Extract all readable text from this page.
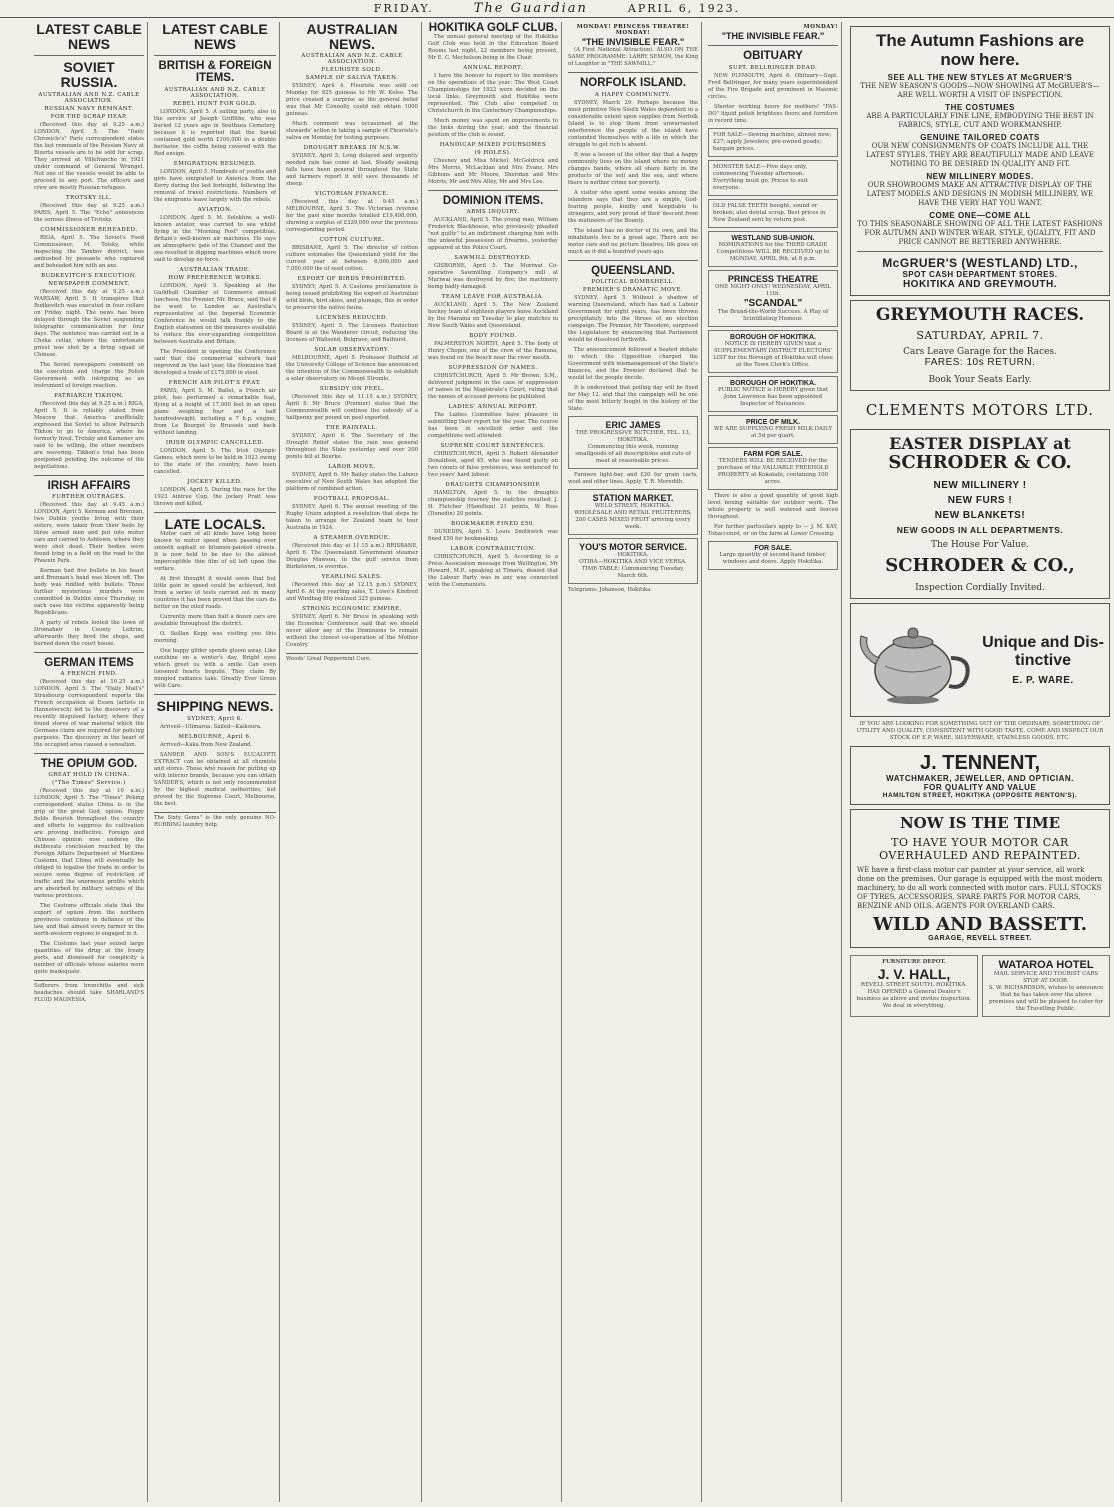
FRIDAY.	The Guardian	APRIL 6, 1923.
LATEST CABLE NEWS
SOVIET RUSSIA.
AUSTRALIAN AND N.Z. CABLE ASSOCIATION.
RUSSIAN NAVY REMNANT.
FOR THE SCRAP HEAP.

(Received this day at 9.25 a.m.) LONDON, April 5. The "Daily Chronicle's" Paris correspondent states the last remnants of the Russian Navy at Bizerta vessels are to be sold for scrap. They arrived at Villefranche in 1921 under command of General Wrangel. Not one of the vessels would be able to proceed to any port. The officers and crew are mostly Russian refugees.

TROTSKY ILL.

(Received this day at 9.25 a.m.) PARIS, April 5. The "Echo" announces the serious illness of Trotsky.

COMMISSIONER BEHEADED.

RIGA, April 5. The Soviet's Food Commissioner, M. Tolsky, while inspecting the Tambov district, was ambushed by peasants who captured and beheaded him with an axe.

BUDKEVITCH'S EXECUTION.
NEWSPAPER COMMENT.

(Received this day at 9.25 a.m.) WARSAW, April 5. It transpires that Budkevitch was executed in four cellars on Friday night. The news has been delayed through the Soviet suspending telegraphic communication for four days. The sentence was carried out in a Cheka cellar, where the unfortunate priest was shot by a firing squad of Chinese.

The Soviet newspapers comment on the execution and charge the Polish Government with intriguing as an instrument of foreign reaction.

PATRIARCH TIKHON.

(Received this day at 9.25 a.m.) RIGA, April 5. It is reliably stated from Moscow that America unofficially expressed the Soviet to allow Patriarch Tikhon to go to America, where he formerly lived. Trotsky and Kamenev are said to be willing, the other members are wavering. Tikhon's trial has been postponed pending the outcome of the negotiations.

IRISH AFFAIRS
FURTHER OUTRAGES.

(Received this day at 9.45 a.m.) LONDON, April 5. Kerman and Brennan, two Dublin youths living with their sisters, were taken from their beds by three armed men and put into motor cars and carried to Ashtown, where they were shot dead. Their bodies were found lying in a field on the road to the Phoenix Park.

Kerman had five bullets in his heart and Brennan's head was blown off. The body was riddled with bullets. Three further mysterious murders were committed in Dublin since Thursday, in each case the victims apparently being Republicans.

A party of rebels looted the town of Dromahair in County Leitrim, afterwards they fired the shops, and burned down the court house.

GERMAN ITEMS
A FRENCH FIND.

(Received this day at 10.25 a.m.) LONDON, April 5. The "Daily Mail's" Strasbourg correspondent reports the French occupation at Essen (artists in Hannoversch) led to the discovery of a recently disguised factory, where they found stores of war material which the Germans claim are required for policing purposes. The discovery in the heart of the occupied area caused a sensation.

THE OPIUM GOD.
GREAT HOLD IN CHINA.
("The Times" Service.)

(Received this day at 10 a.m.) LONDON, April 5. The "Times" Peking correspondent states China is in the grip of the great God, opium. Poppy fields flourish throughout the country and efforts to suppress its cultivation are proving ineffective. Foreign and Chinese opinion now endorse the deliberate conclusion reached by the Foreign Affairs Department of Maritime Customs, that China will eventually be obliged to legalise the trade in order to secure some degree of restriction of traffic and the enormous profits which are absorbed by military satraps of the various provinces.

The Customs officials state that the export of opium from the northern provinces continues in defiance of the law, and that almost every farmer in the north-western regions is engaged in it.

The Customs last year seized large quantities of the drug at the treaty ports, and dismissed for complicity a number of officials whose salaries were quite inadequate.

Sufferers from bronchitis and sick headaches should take SHARLAND'S FLUID MAGNESIA.
LATEST CABLE NEWS
BRITISH & FOREIGN ITEMS.
AUSTRALIAN AND N.Z. CABLE ASSOCIATION.
REBEL HUNT FOR GOLD.

LONDON, April 5. A sailing party, also in the service of Joseph Griffiths, who was buried 12 years ago in Southsea Cemetery, because it is reported that the burial contained gold worth £100,000 in a double herlaster, the coffin being covered with the Red ensign.

EMIGRATION RESUMED.

LONDON, April 5. Hundreds of youths and girls have emigrated to America from the Kerry during the last fortnight, following the removal of travel restrictions. Numbers of the emigrants leave largely with the rebels.

AVIATION.

LONDON, April 5. M. Selekhiw, a well-known aviator, was carried to sea whilst flying in the "Morning Post" competition. Britain's well-known air machines. He says an atmospheric gale of the Channel and the sea resulted in dipping machines which were said to develop no force.

AUSTRALIAN TRADE.
HOW PREFERENCE WORKS.

LONDON, April 5. Speaking at the Guildhall Chamber of Commerce annual luncheon, the Premier, Mr. Bruce, said that if he went to London as Australia's representative at the Imperial Economic Conference he would talk frankly to the English statesmen on the measures available to reduce the ever-expanding competition between Australia and Britain.

The President in opening the Conference said that the commercial network had improved in the last year, the Dominion had developed a trade of £175,000 in steel.

FRENCH AIR PILOT'S FEAT.

PARIS, April 5. M. Ballet, a French air pilot, has performed a remarkable feat, flying at a height of 17,000 feet in an open plane weighing four and a half hundredweight, including a 7 h.p. engine, from Le Bourget to Brussels and back without landing.

IRISH OLYMPIC CANCELLED.

LONDON, April 5. The Irish Olympic Games, which were to be held in 1923 owing to the state of the country, have been cancelled.

JOCKEY KILLED.

LONDON, April 5. During the race for the 1923 Aintree Cup, the jockey Pratt was thrown and killed.

LATE LOCALS.

Motor cars of all kinds have long been known to motor speed when passing over smooth asphalt or bitumen-painted streets. It is now held to be due to the almost imperceptible thin film of oil left upon the surface.

At first thought it would seem that but little gain in speed could be achieved, but from a series of tests carried out in many countries it has been proved that the cars do better on the oiled roads.

Currently more than half a dozen cars are available throughout the district.

O. Seillan Kopp was visiting you this morning.

One happy gilder spends gloom away. Like sunshine on a winter's day. Bright eyes which greet us with a smile. Can even loosened hearts beguile. They claim By mingled radiance take. Greatly Ever Green with Care.

SHIPPING NEWS.
SYDNEY, April 6.

Arrived—Ulimaroa. Sailed—Kaikoura.

MELBOURNE, April 6.

Arrived—Kaka from New Zealand.

SANDER AND SON'S EUCALYPTI EXTRACT can be obtained at all chemists and stores. Those who reason for putting up with inferior brands, because you can obtain SANDER'S, which is not only recommended by the highest medical authorities, but proved by the Supreme Court, Melbourne, the best.

The Sixty Gems" is the only genuine NO-RUBBING laundry help.
AUSTRALIAN NEWS.
AUSTRALIAN AND N.Z. CABLE ASSOCIATION.
FLEURISTE SOLD.
SAMPLE OF SALIVA TAKEN.

SYDNEY, April 4. Fleuriste was sold on Monday for 925 guineas to Mr W. Kelso. The price created a surprise as the general belief was that Mr Connolly could not obtain 1000 guineas.

Much comment was occasioned at the stewards' action in taking a sample of Fleuriste's saliva on Monday for testing purposes.

DROUGHT BREAKS IN N.S.W.

SYDNEY, April 5. Long delayed and urgently needed rain has come at last. Steady soaking falls have been general throughout the State and farmers report it will save thousands of sheep.

VICTORIAN FINANCE.

(Received this day at 9.45 a.m.) MELBOURNE, April 5. The Victorian revenue for the past nine months totalled £19,498,000, showing a surplus of £329,000 over the previous corresponding period.

COTTON CULTURE.

BRISBANE, April 5. The director of cotton culture estimates the Queensland yield for the current year at between 6,000,000 and 7,000,000 lbs of seed cotton.

EXPORT OF BIRDS PROHIBITED.

SYDNEY, April 5. A Customs proclamation is being issued prohibiting the export of Australian wild birds, bird skins, and plumage, this in order to preserve the native fauna.

LICENSES REDUCED.

SYDNEY, April 5. The Licenses Reduction Board is at the Wanderer circuit, reducing the licenses of Wallsend, Belgrave, and Bathurst.

SOLAR OBSERVATORY.

MELBOURNE, April 5. Professor Duffield of the University College of Science has announced the intention of the Commonwealth to establish a solar observatory on Mount Stromlo.

SUBSIDY ON PEEL.

(Received this day at 11.15 a.m.) SYDNEY, April 6. Mr Bruce (Premier) states that the Commonwealth will continue the subsidy of a halfpenny per pound on peel exported.

THE RAINFALL.

SYDNEY, April 6. The Secretary of the Drought Relief states the rain was general throughout the State yesterday and over 200 points fell at Bourke.

LABOR MOVE.

SYDNEY, April 6. Mr Bailey states the Labour executive of New South Wales has adopted the platform of combined action.

FOOTBALL PROPOSAL.

SYDNEY, April 6. The annual meeting of the Rugby Union adopted a resolution that steps be taken to arrange for Zealand team to tour Australia in 1924.

A STEAMER OVERDUE.

(Received this day at 11.15 a.m.) BRISBANE, April 6. The Queensland Government steamer Douglas Mawson, in the gulf service from Burketown, is overdue.

YEARLING SALES.

(Received this day at 12.15 p.m.) SYDNEY, April 6. At the yearling sales, T. Lowe's Kindred and Windbag filly realised 325 guineas.

STRONG ECONOMIC EMPIRE.

SYDNEY, April 6. Mr Bruce in speaking with the Economic Conference said that we should never allow any of the Dominions to remain without the closest co-operation of the Mother Country.

Woods' Great Peppermint Cure.
HOKITIKA GOLF CLUB.

The annual general meeting of the Hokitika Golf Club was held in the Education Board Rooms last night, 22 members being present, Mr E. C. Mechelson being in the Chair.

ANNUAL REPORT.

I have the honour to report to the members on the operations of the year: The West Coast Championships for 1922 were decided on the local links. Greymouth and Hokitika were represented. The Club also competed in Christchurch in the Canterbury Championships.

Much money was spent on improvements to the links during the year, and the financial position of the club is sound.

HANDICAP MIXED FOURSOMES
(9 HOLES).

Chesney and Miss Mickel, McGoldrick and Mrs Morris, McLachlan and Mrs Evans, Mrs Gibbons and Mr Moore, Sheridan and Mrs Morris, Mr and Mrs Alley, Mr and Mrs Lee.

DOMINION ITEMS.
ARMS INQUIRY.

AUCKLAND, April 5. The young man, William Frederick Blackhouse, who previously pleaded "not guilty" to an indictment charging him with the unlawful possession of firearms, yesterday appeared at the Police Court.

SAWMILL DESTROYED.

GISBORNE, April 5. The Muriwai Co-operative Sawmilling Company's mill at Muriwai was destroyed by fire; the machinery being badly damaged.

TEAM LEAVE FOR AUSTRALIA.

AUCKLAND, April 5. The New Zealand hockey team of eighteen players leave Auckland by the Marama on Tuesday to play matches in New South Wales and Queensland.

BODY FOUND.

PALMERSTON NORTH, April 5. The body of Henry Chopin, one of the crew of the Ramona, was found on the beach near the river mouth.

SUPPRESSION OF NAMES.

CHRISTCHURCH, April 5. Mr Brown, S.M., delivered judgment in the case of suppression of names in the Magistrate's Court, ruling that the names of accused persons be published.

LADIES' ANNUAL REPORT.

The Ladies Committee have pleasure in submitting their report for the year. The course has been in excellent order and the competitions well attended.

SUPREME COURT SENTENCES.

CHRISTCHURCH, April 5. Robert Alexander Donaldson, aged 45, who was found guilty on two counts of false pretences, was sentenced to two years' hard labour.

DRAUGHTS CHAMPIONSHIP.

HAMILTON, April 5. In the draughts championship tourney the matches resulted: J. H. Fletcher (Hamilton) 21 points, W. Ross (Dunedin) 20 points.

BOOKMAKER FINED £50.

DUNEDIN, April 5. Louis Smithwick was fined £50 for bookmaking.

LABOR CONTRADICTION.

CHRISTCHURCH, April 5. According to a Press Association message from Wellington, Mr Howard, M.P., speaking at Timaru, denied that the Labour Party was in any way connected with the Communists.

MONDAY! PRINCESS THEATRE! MONDAY!
"THE INVISIBLE FEAR."

(A First National Attraction). ALSO ON THE SAME PROGRAMME: LARRY SEMON, the King of Laughter in "THE SAWMILL."

NORFOLK ISLAND.
A HAPPY COMMUNITY.

SYDNEY, March 29. Perhaps because the most primitive New South Wales dependent in a considerable extent upon supplies from Norfolk Island is to stop them from unwarranted interference the people of the island have contended themselves with a life in which the struggle to get rich is absent.

It was a lesson of the other day that a happy community lives on the island where no money changes hands, where all share fairly in the products of the soil and the sea, and where there is neither crime nor poverty.

A visitor who spent some weeks among the islanders says that they are a simple, God-fearing people, kindly and hospitable to strangers, and very proud of their descent from the mutineers of the Bounty.

The island has no doctor of its own, and the inhabitants live to a great age. There are no motor cars and no picture theatres; life goes on much as it did a hundred years ago.

QUEENSLAND.
POLITICAL BOMBSHELL.
PREMIER'S DRAMATIC MOVE.

SYDNEY, April 5. Without a shadow of warning Queensland, which has had a Labour Government for eight years, has been thrown precipitately into the throes of an election campaign. The Premier, Mr Theodore, surprised the Legislature by announcing that Parliament would be dissolved forthwith.

The announcement followed a heated debate in which the Opposition charged the Government with mismanagement of the State's finances, and the Premier declared that he would let the people decide.

It is understood that polling day will be fixed for May 12, and that the campaign will be one of the most bitterly fought in the history of the State.

ERIC JAMES
THE PROGRESSIVE BUTCHER, TEL. 13, HOKITIKA.
Commencing this week, running smallgoods of all descriptions and cuts of meat at reasonable prices.

Farmers light-bay and £20 for grain carts, wool and other lines. Apply, T. R. Meredith.

STATION MARKET.
WELD STREET, HOKITIKA.
WHOLESALE AND RETAIL FRUITERERS. 200 CASES MIXED FRUIT arriving every week.
YOU'S MOTOR SERVICE.
HOKITIKA.
OTIRA—HOKITIKA AND VICE VERSA. TIME-TABLE: Commencing Tuesday, March 6th.
Telegrams: Johanson, Hokitika.
MONDAY!
"THE INVISIBLE FEAR."
OBITUARY
SUPT. BELLRINGER DEAD.

NEW PLYMOUTH, April 6. Obituary—Supt. Fred Bellringer, for many years superintendent of the Fire Brigade and prominent in Masonic circles.

Shorter working hours for mothers! "FAS-DO" liquid polish brightens floors and furniture in record time.

FOR SALE—Sewing machine, almost new; £27; apply Jewelers; pre-owned goods; bargain prices.
MONSTER SALE—Five days only, commencing Tuesday afternoon. Everything must go. Prices to suit everyone.
OLD FALSE TEETH bought, sound or broken; also dental scrap. Best prices in New Zealand sent by return post.
WESTLAND SUB-UNION.
NOMINATIONS for the THIRD GRADE Competitions WILL BE RECEIVED up to MONDAY, APRIL 9th, at 8 p.m.
PRINCESS THEATRE
ONE NIGHT ONLY! WEDNESDAY, APRIL 11th.
"SCANDAL"
The Brand-the-World Success. A Play of Scintillating Humour.
BOROUGH OF HOKITIKA.
NOTICE IS HEREBY GIVEN that a SUPPLEMENTARY DISTRICT ELECTORS' LIST for the Borough of Hokitika will close at the Town Clerk's Office.
BOROUGH OF HOKITIKA.
PUBLIC NOTICE is HEREBY given that John Lawrence has been appointed Inspector of Nuisances.
PRICE OF MILK.
WE ARE SUPPLYING FRESH MILK DAILY at 5d per quart.
FARM FOR SALE.
TENDERS WILL BE RECEIVED for the purchase of the VALUABLE FREEHOLD PROPERTY at Kokatahi, containing 100 acres.

There is also a good quantity of good high level boxing suitable for outdoor work. The whole property is well watered and fenced throughout.

For further particulars apply to — J. M. KAY, Tobacconist, or on the farm at Lower Crossing.

FOR SALE.
Large quantity of second-hand timber, windows and doors. Apply Hokitika.
The Autumn Fashions are
now here.
SEE ALL THE NEW STYLES AT McGRUER'S
THE NEW SEASON'S GOODS—NOW SHOWING AT McGRUER'S—ARE WELL WORTH A VISIT OF INSPECTION.
THE COSTUMES
ARE A PARTICULARLY FINE LINE, EMBODYING THE BEST IN FABRICS, STYLE, CUT AND WORKMANSHIP.
GENUINE TAILORED COATS
OUR NEW CONSIGNMENTS OF COATS INCLUDE ALL THE LATEST STYLES. THEY ARE BEAUTIFULLY MADE AND LEAVE NOTHING TO BE DESIRED IN QUALITY AND FIT.
NEW MILLINERY MODES.
OUR SHOWROOMS MAKE AN ATTRACTIVE DISPLAY OF THE LATEST MODELS AND DESIGNS IN MODISH MILLINERY. WE HAVE THE VERY HAT YOU WANT.
COME ONE—COME ALL
TO THIS SEASONABLE SHOWING OF ALL THE LATEST FASHIONS FOR AUTUMN AND WINTER WEAR. STYLE, QUALITY, FIT AND PRICE CANNOT BE BETTERED ANYWHERE.
McGRUER'S (WESTLAND) LTD.,
SPOT CASH DEPARTMENT STORES.
HOKITIKA AND GREYMOUTH.
GREYMOUTH RACES.
SATURDAY, APRIL 7.
Cars Leave Garage for the Races.
FARES: 10s RETURN.
Book Your Seats Early.
CLEMENTS MOTORS LTD.
EASTER DISPLAY at
SCHRODER & CO.
NEW MILLINERY !
NEW FURS !
NEW BLANKETS!
NEW GOODS IN ALL DEPARTMENTS.
The House For Value.
SCHRODER & CO.,
Inspection Cordially Invited.
Unique and Dis-
tinctive
E. P. WARE.

IF YOU ARE LOOKING FOR SOMETHING OUT OF THE ORDINARY, SOMETHING OF UTILITY AND QUALITY, CONSISTENT WITH GOOD TASTE, COME AND INSPECT OUR STOCK OF E.P. WARE, SILVERWARE, STAINLESS GOODS, ETC.

J. TENNENT,
WATCHMAKER, JEWELLER, AND OPTICIAN.
FOR QUALITY AND VALUE
HAMILTON STREET, HOKITIKA (OPPOSITE RENTON'S).
NOW IS THE TIME
TO HAVE YOUR MOTOR CAR
OVERHAULED AND REPAINTED.
WE have a first-class motor car painter at your service, all work done on the premises. Our garage is equipped with the most modern machinery, to do all work connected with motor cars. FULL STOCKS OF TYRES, ACCESSORIES, SPARE PARTS FOR MOTOR CARS, BENZINE AND OILS. AGENTS FOR OVERLAND CARS.
WILD AND BASSETT.
GARAGE, REVELL STREET.
FURNITURE DEPOT.
J. V. HALL,
REVELL STREET SOUTH, HOKITIKA.
HAS OPENED a General Dealer's business as above and invites inspection. We deal in everything.
WATAROA HOTEL
MAIL SERVICE AND TOURIST CARS STOP AT DOOR.
S. W. RICHARDSON, wishes to announce that he has taken over the above premises and will be pleased to cater for the Travelling Public.
